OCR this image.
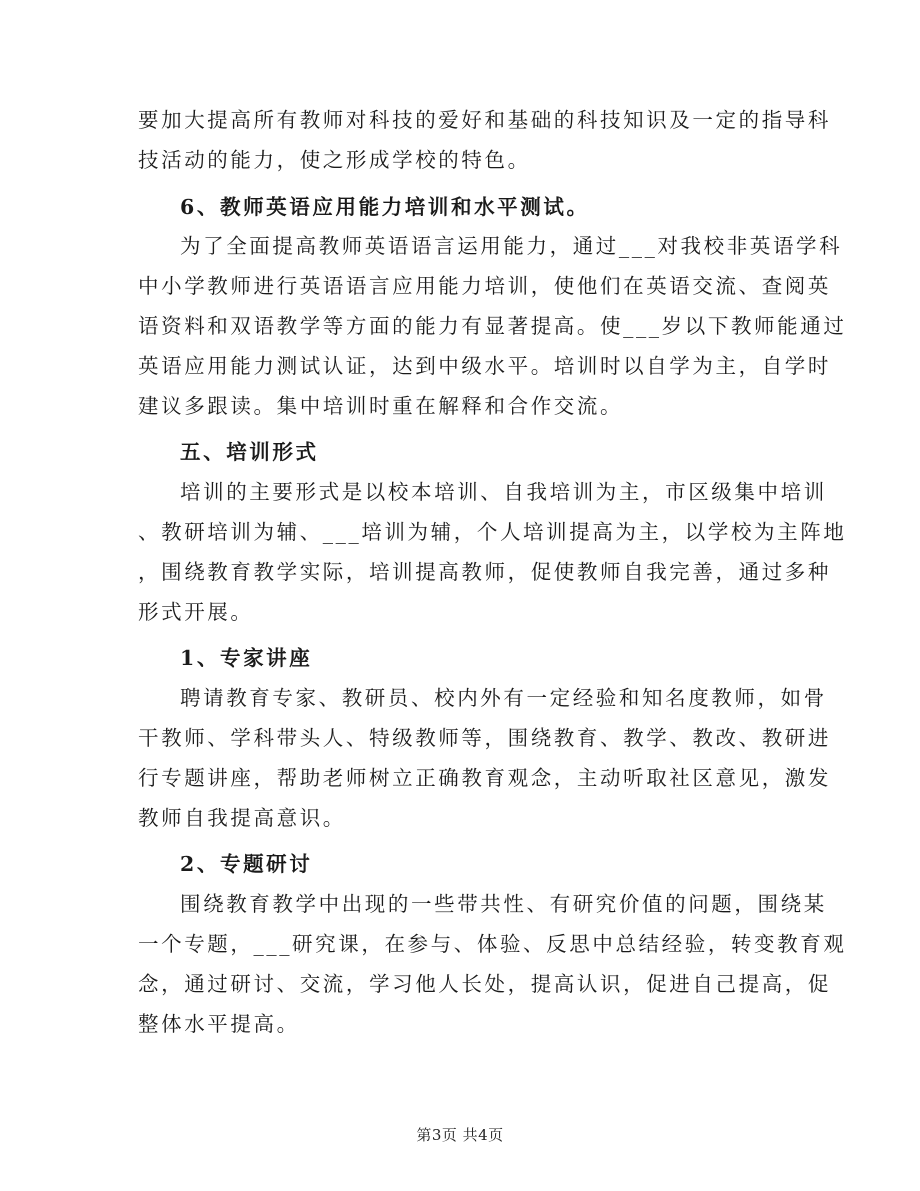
要加大提高所有教师对科技的爱好和基础的科技知识及一定的指导科
技活动的能力，使之形成学校的特色。
6、教师英语应用能力培训和水平测试。
为了全面提高教师英语语言运用能力，通过___对我校非英语学科
中小学教师进行英语语言应用能力培训，使他们在英语交流、查阅英
语资料和双语教学等方面的能力有显著提高。使___岁以下教师能通过
英语应用能力测试认证，达到中级水平。培训时以自学为主，自学时
建议多跟读。集中培训时重在解释和合作交流。
五、培训形式
培训的主要形式是以校本培训、自我培训为主，市区级集中培训
、教研培训为辅、___培训为辅，个人培训提高为主，以学校为主阵地
，围绕教育教学实际，培训提高教师，促使教师自我完善，通过多种
形式开展。
1、专家讲座
聘请教育专家、教研员、校内外有一定经验和知名度教师，如骨
干教师、学科带头人、特级教师等，围绕教育、教学、教改、教研进
行专题讲座，帮助老师树立正确教育观念，主动听取社区意见，激发
教师自我提高意识。
2、专题研讨
围绕教育教学中出现的一些带共性、有研究价值的问题，围绕某
一个专题，___研究课，在参与、体验、反思中总结经验，转变教育观
念，通过研讨、交流，学习他人长处，提高认识，促进自己提高，促
整体水平提高。
第3页 共4页
